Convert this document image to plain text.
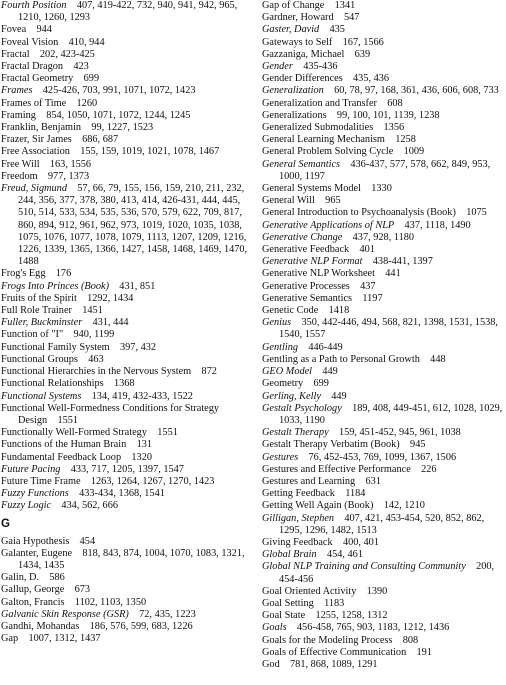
Fourth Position  407, 419-422, 732, 940, 941, 942, 965, 1210, 1260, 1293
Fovea  944
Foveal Vision  410, 944
Fractal  202, 423-425
Fractal Dragon  423
Fractal Geometry  699
Frames  425-426, 703, 991, 1071, 1072, 1423
Frames of Time  1260
Framing  854, 1050, 1071, 1072, 1244, 1245
Franklin, Benjamin  99, 1227, 1523
Frazer, Sir James  686, 687
Free Association  155, 159, 1019, 1021, 1078, 1467
Free Will  163, 1556
Freedom  977, 1373
Freud, Sigmund  57, 66, 79, 155, 156, 159, 210, 211, 232, 244, 356, 377, 378, 380, 413, 414, 426-431, 444, 445, 510, 514, 533, 534, 535, 536, 570, 579, 622, 709, 817, 860, 894, 912, 961, 962, 973, 1019, 1020, 1035, 1038, 1075, 1076, 1077, 1078, 1079, 1113, 1207, 1209, 1216, 1226, 1339, 1365, 1366, 1427, 1458, 1468, 1469, 1470, 1488
Frog's Egg  176
Frogs Into Princes (Book)  431, 851
Fruits of the Spirit  1292, 1434
Full Role Trainer  1451
Fuller, Buckminster  431, 444
Function of "I"  940, 1199
Functional Family System  397, 432
Functional Groups  463
Functional Hierarchies in the Nervous System  872
Functional Relationships  1368
Functional Systems  134, 419, 432-433, 1522
Functional Well-Formedness Conditions for Strategy Design  1551
Functionally Well-Formed Strategy  1551
Functions of the Human Brain  131
Fundamental Feedback Loop  1320
Future Pacing  433, 717, 1205, 1397, 1547
Future Time Frame  1263, 1264, 1267, 1270, 1423
Fuzzy Functions  433-434, 1368, 1541
Fuzzy Logic  434, 562, 666
G
Gaia Hypothesis  454
Galanter, Eugene  818, 843, 874, 1004, 1070, 1083, 1321, 1434, 1435
Galin, D.  586
Gallup, George  673
Galton, Francis  1102, 1103, 1350
Galvanic Skin Response (GSR)  72, 435, 1223
Gandhi, Mohandas  186, 576, 599, 683, 1226
Gap  1007, 1312, 1437
Gap of Change  1341
Gardner, Howard  547
Gaster, David  435
Gateways to Self  167, 1566
Gazzaniga, Michael  639
Gender  435-436
Gender Differences  435, 436
Generalization  60, 78, 97, 168, 361, 436, 606, 608, 733
Generalization and Transfer  608
Generalizations  99, 100, 101, 1139, 1238
Generalized Submodalities  1356
General Learning Mechanism  1258
General Problem Solving Cycle  1009
General Semantics  436-437, 577, 578, 662, 849, 953, 1000, 1197
General Systems Model  1330
General Will  965
General Introduction to Psychoanalysis (Book)  1075
Generative Applications of NLP  437, 1118, 1490
Generative Change  437, 928, 1180
Generative Feedback  401
Generative NLP Format  438-441, 1397
Generative NLP Worksheet  441
Generative Processes  437
Generative Semantics  1197
Genetic Code  1418
Genius  350, 442-446, 494, 568, 821, 1398, 1531, 1538, 1540, 1557
Gentling  446-449
Gentling as a Path to Personal Growth  448
GEO Model  449
Geometry  699
Gerling, Kelly  449
Gestalt Psychology  189, 408, 449-451, 612, 1028, 1029, 1033, 1190
Gestalt Therapy  159, 451-452, 945, 961, 1038
Gestalt Therapy Verbatim (Book)  945
Gestures  76, 452-453, 769, 1099, 1367, 1506
Gestures and Effective Performance  226
Gestures and Learning  631
Getting Feedback  1184
Getting Well Again (Book)  142, 1210
Gilligan, Stephen  407, 421, 453-454, 520, 852, 862, 1295, 1296, 1482, 1513
Giving Feedback  400, 401
Global Brain  454, 461
Global NLP Training and Consulting Community  200, 454-456
Goal Oriented Activity  1390
Goal Setting  1183
Goal State  1255, 1258, 1312
Goals  456-458, 765, 903, 1183, 1212, 1436
Goals for the Modeling Process  808
Goals of Effective Communication  191
God  781, 868, 1089, 1291
